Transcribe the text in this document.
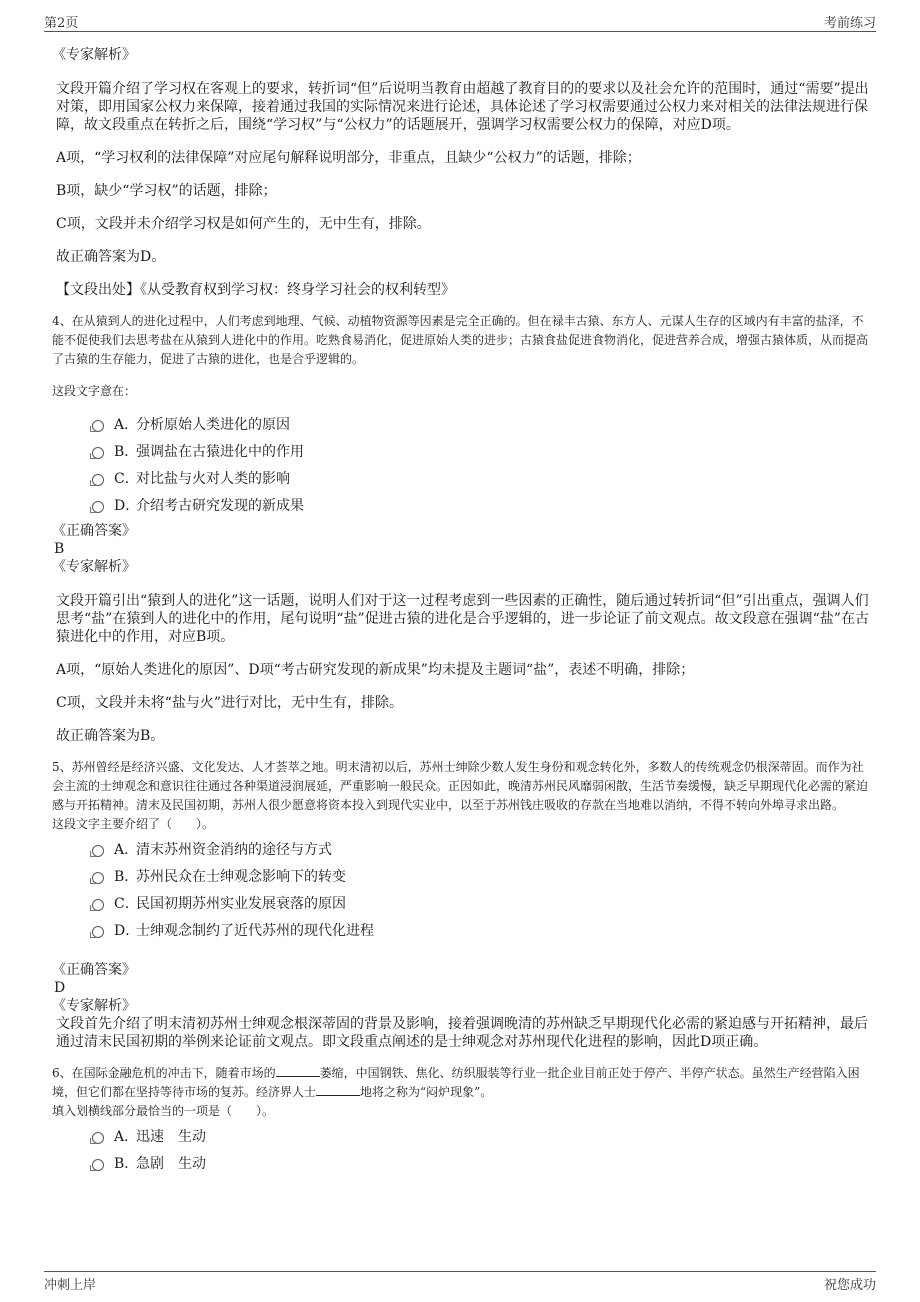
第2页	考前练习

《专家解析》

文段开篇介绍了学习权在客观上的要求，转折词“但”后说明当教育由超越了教育目的的要求以及社会允许的范围时，通过“需要”提出对策，即用国家公权力来保障，接着通过我国的实际情况来进行论述，具体论述了学习权需要通过公权力来对相关的法律法规进行保障，故文段重点在转折之后，围绕“学习权”与“公权力”的话题展开，强调学习权需要公权力的保障，对应D项。

A项，“学习权利的法律保障”对应尾句解释说明部分，非重点，且缺少“公权力”的话题，排除；

B项，缺少“学习权”的话题，排除；

C项，文段并未介绍学习权是如何产生的，无中生有，排除。

故正确答案为D。

【文段出处】《从受教育权到学习权：终身学习社会的权利转型》

4、在从猿到人的进化过程中，人们考虑到地理、气候、动植物资源等因素是完全正确的。但在禄丰古猿、东方人、元谋人生存的区域内有丰富的盐泽，不能不促使我们去思考盐在从猿到人进化中的作用。吃熟食易消化，促进原始人类的进步；古猿食盐促进食物消化，促进营养合成，增强古猿体质，从而提高了古猿的生存能力，促进了古猿的进化，也是合乎逻辑的。

这段文字意在：

A．分析原始人类进化的原因
B．强调盐在古猿进化中的作用
C．对比盐与火对人类的影响
D．介绍考古研究发现的新成果

《正确答案》

B

《专家解析》

文段开篇引出“猿到人的进化”这一话题，说明人们对于这一过程考虑到一些因素的正确性，随后通过转折词“但”引出重点，强调人们思考“盐”在猿到人的进化中的作用，尾句说明“盐”促进古猿的进化是合乎逻辑的，进一步论证了前文观点。故文段意在强调“盐”在古猿进化中的作用，对应B项。

A项，“原始人类进化的原因”、D项“考古研究发现的新成果”均未提及主题词“盐”，表述不明确，排除；

C项，文段并未将“盐与火”进行对比，无中生有，排除。

故正确答案为B。

5、苏州曾经是经济兴盛、文化发达、人才荟萃之地。明末清初以后，苏州士绅除少数人发生身份和观念转化外，多数人的传统观念仍根深蒂固。而作为社会主流的士绅观念和意识往往通过各种渠道浸润展延，严重影响一般民众。正因如此，晚清苏州民风靡弱闲散，生活节奏缓慢，缺乏早期现代化必需的紧迫感与开拓精神。清末及民国初期，苏州人很少愿意将资本投入到现代实业中，以至于苏州钱庄吸收的存款在当地难以消纳，不得不转向外埠寻求出路。

这段文字主要介绍了（　　）。

A．清末苏州资金消纳的途径与方式
B．苏州民众在士绅观念影响下的转变
C．民国初期苏州实业发展衰落的原因
D．士绅观念制约了近代苏州的现代化进程

《正确答案》

D

《专家解析》

文段首先介绍了明末清初苏州士绅观念根深蒂固的背景及影响，接着强调晚清的苏州缺乏早期现代化必需的紧迫感与开拓精神，最后通过清末民国初期的举例来论证前文观点。即文段重点阐述的是士绅观念对苏州现代化进程的影响，因此D项正确。

6、在国际金融危机的冲击下，随着市场的	萎缩，中国钢铁、焦化、纺织服装等行业一批企业目前正处于停产、半停产状态。虽然生产经营陷入困境，但它们都在坚持等待市场的复苏。经济界人士	地将之称为“闷炉现象”。

填入划横线部分最恰当的一项是（　　）。

A．迅速　生动
B．急剧　生动
冲刺上岸	祝您成功
